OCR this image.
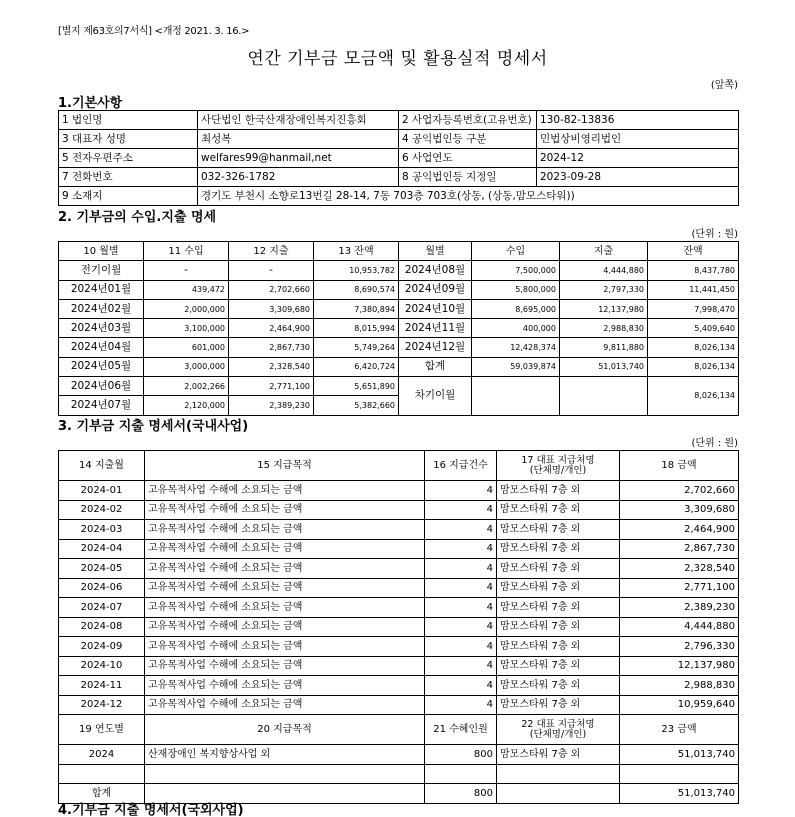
[별지 제63호의7서식] <개정 2021. 3. 16.>
연간 기부금 모금액 및 활용실적 명세서
(앞쪽)
1.기본사항
1 법인명	사단법인 한국산재장애인복지진흥회	2 사업자등록번호(고유번호)	130-82-13836
3 대표자 성명	최성복	4 공익법인등 구분	민법상비영리법인
5 전자우편주소	welfares99@hanmail,net	6 사업연도	2024-12
7 전화번호	032-326-1782	8 공익법인등 지정일	2023-09-28
9 소재지	경기도 부천시 소향로13번길 28-14, 7동 703층 703호(상동, (상동,맘모스타워))		
2. 기부금의 수입.지출 명세
(단위 : 원)
10 월별	11 수입	12 지출	13 잔액	월별	수입	지출	잔액
전기이월	-	-	10,953,782	2024년08월	7,500,000	4,444,880	8,437,780
2024년01월	439,472	2,702,660	8,690,574	2024년09월	5,800,000	2,797,330	11,441,450
2024년02월	2,000,000	3,309,680	7,380,894	2024년10월	8,695,000	12,137,980	7,998,470
2024년03월	3,100,000	2,464,900	8,015,994	2024년11월	400,000	2,988,830	5,409,640
2024년04월	601,000	2,867,730	5,749,264	2024년12월	12,428,374	9,811,880	8,026,134
2024년05월	3,000,000	2,328,540	6,420,724	합계	59,039,874	51,013,740	8,026,134
2024년06월	2,002,266	2,771,100	5,651,890	차기이월			8,026,134
2024년07월	2,120,000	2,389,230	5,382,660				
3. 기부금 지출 명세서(국내사업)
(단위 : 원)
14 지출월	15 지급목적	16 지급건수	17 대표 지급처명
(단체명/개인)	18 금액
2024-01	고유목적사업 수해에 소요되는 금액	4	맘모스타워 7층 외	2,702,660
2024-02	고유목적사업 수해에 소요되는 금액	4	맘모스타워 7층 외	3,309,680
2024-03	고유목적사업 수해에 소요되는 금액	4	맘모스타워 7층 외	2,464,900
2024-04	고유목적사업 수해에 소요되는 금액	4	맘모스타워 7층 외	2,867,730
2024-05	고유목적사업 수해에 소요되는 금액	4	맘모스타워 7층 외	2,328,540
2024-06	고유목적사업 수해에 소요되는 금액	4	맘모스타워 7층 외	2,771,100
2024-07	고유목적사업 수해에 소요되는 금액	4	맘모스타워 7층 외	2,389,230
2024-08	고유목적사업 수해에 소요되는 금액	4	맘모스타워 7층 외	4,444,880
2024-09	고유목적사업 수해에 소요되는 금액	4	맘모스타워 7층 외	2,796,330
2024-10	고유목적사업 수해에 소요되는 금액	4	맘모스타워 7층 외	12,137,980
2024-11	고유목적사업 수해에 소요되는 금액	4	맘모스타워 7층 외	2,988,830
2024-12	고유목적사업 수해에 소요되는 금액	4	맘모스타워 7층 외	10,959,640
19 연도별	20 지급목적	21 수혜인원	22 대표 지급처명
(단체명/개인)	23 금액
2024	산재장애인 복지향상사업 외	800	맘모스타워 7층 외	51,013,740

합계		800		51,013,740
4.기부금 지출 명세서(국외사업)
